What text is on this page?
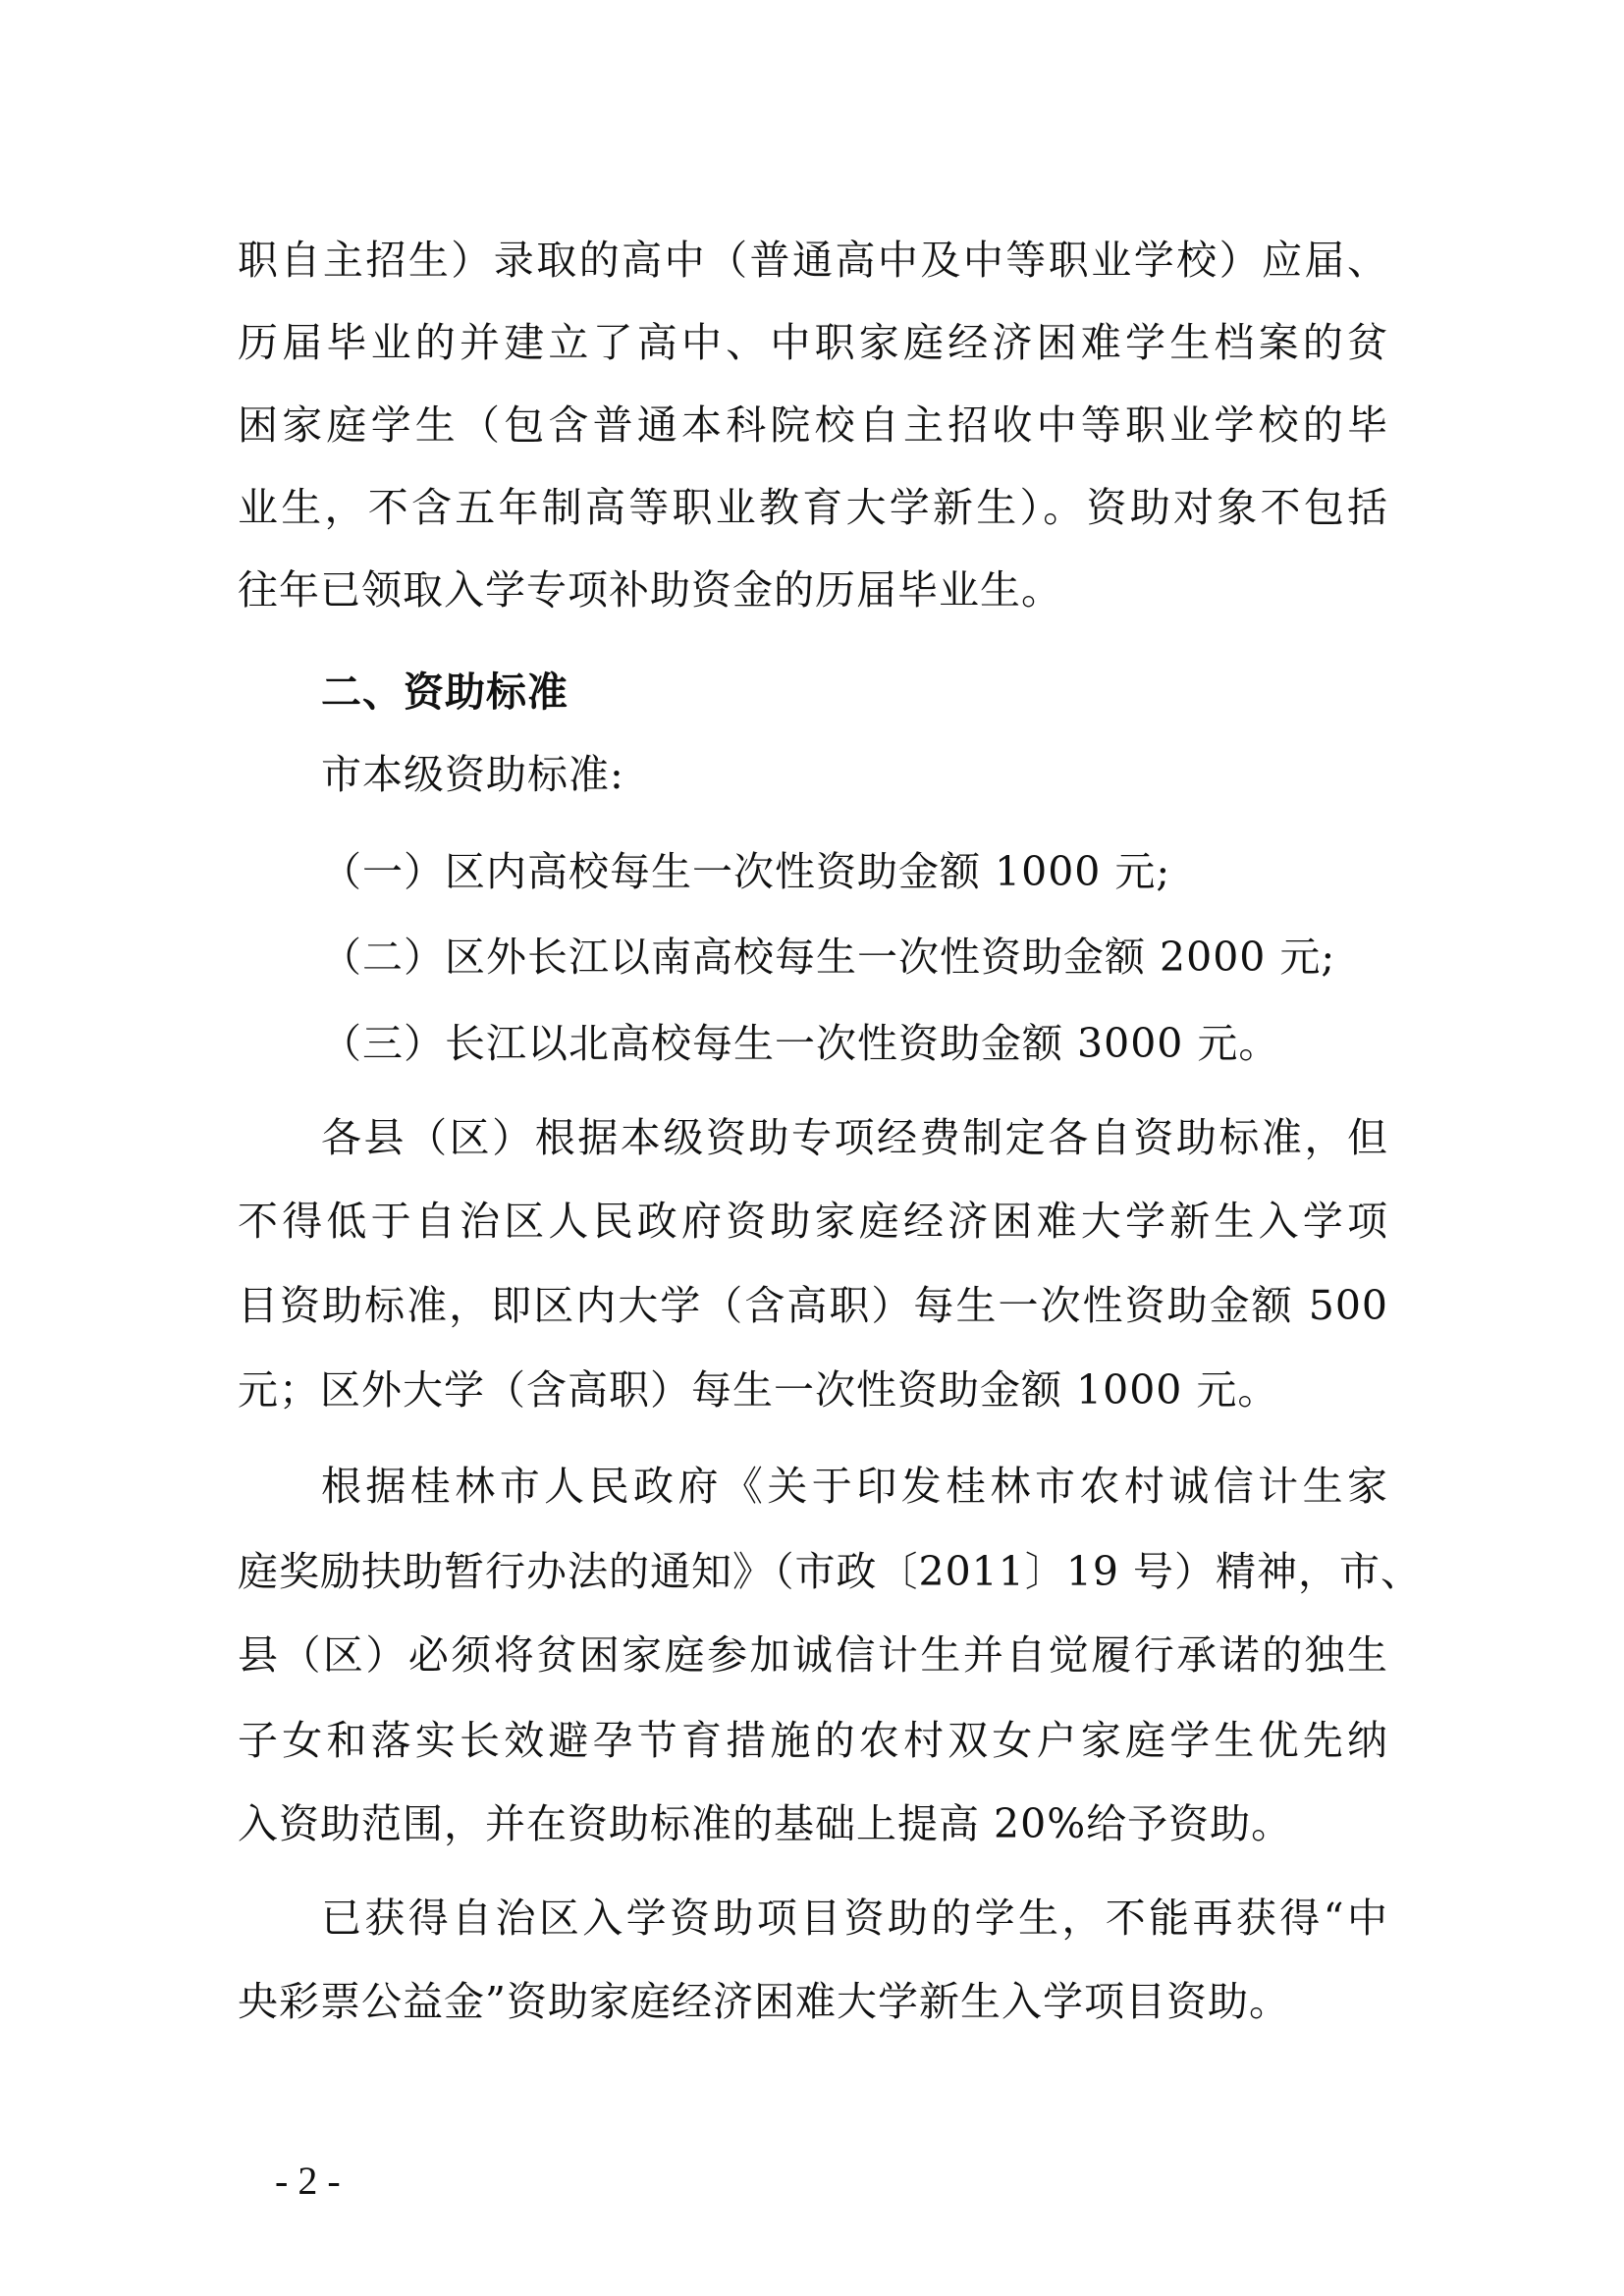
职自主招生）录取的高中（普通高中及中等职业学校）应届、
历届毕业的并建立了高中、中职家庭经济困难学生档案的贫
困家庭学生（包含普通本科院校自主招收中等职业学校的毕
业生，不含五年制高等职业教育大学新生）。资助对象不包括
往年已领取入学专项补助资金的历届毕业生。
二、资助标准
市本级资助标准:
（一）区内高校每生一次性资助金额 1000 元;
（二）区外长江以南高校每生一次性资助金额 2000 元;
（三）长江以北高校每生一次性资助金额 3000 元。
各县（区）根据本级资助专项经费制定各自资助标准，但
不得低于自治区人民政府资助家庭经济困难大学新生入学项
目资助标准，即区内大学（含高职）每生一次性资助金额 500
元；区外大学（含高职）每生一次性资助金额 1000 元。
根据桂林市人民政府《关于印发桂林市农村诚信计生家
庭奖励扶助暂行办法的通知》（市政〔2011〕19 号）精神，市、
县（区）必须将贫困家庭参加诚信计生并自觉履行承诺的独生
子女和落实长效避孕节育措施的农村双女户家庭学生优先纳
入资助范围，并在资助标准的基础上提高 20%给予资助。
已获得自治区入学资助项目资助的学生，不能再获得“中
央彩票公益金”资助家庭经济困难大学新生入学项目资助。
- 2 -
